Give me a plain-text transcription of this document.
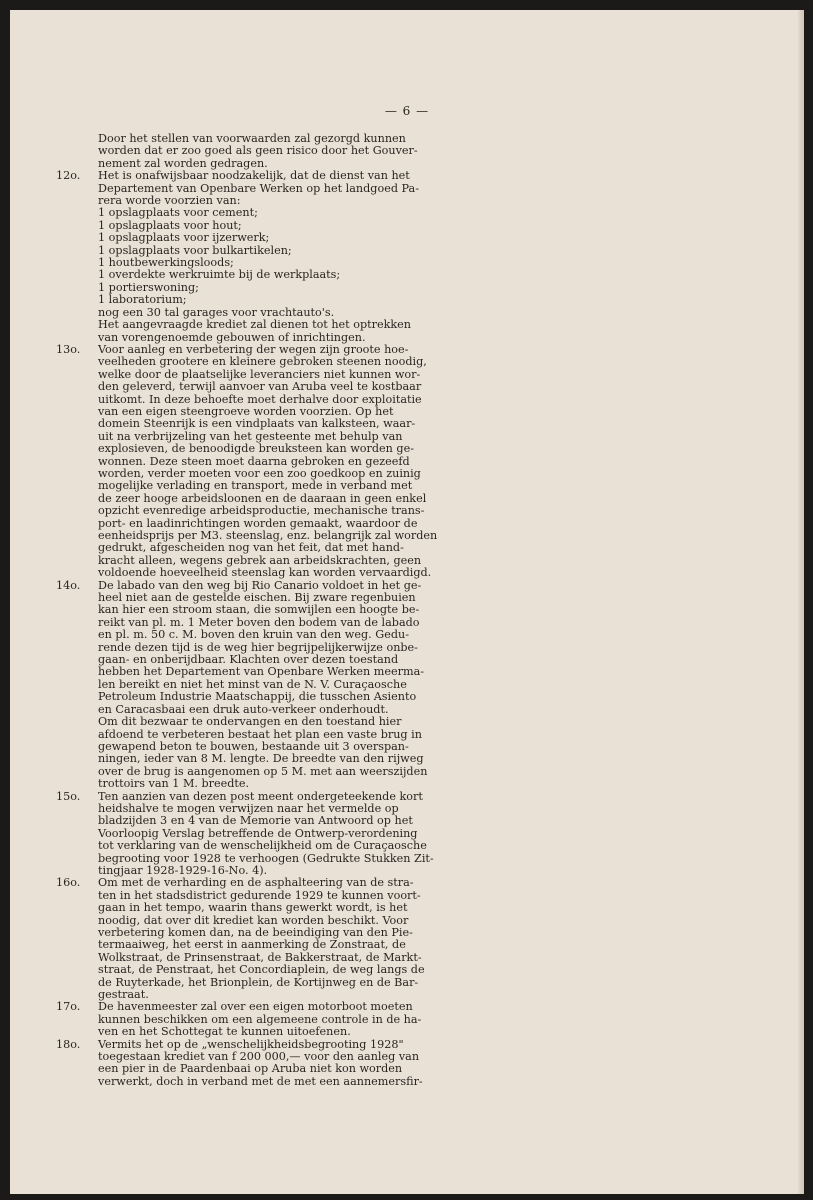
— 6 —
Door het stellen van voorwaarden zal gezorgd kunnen
worden dat er zoo goed als geen risico door het Gouver-
nement zal worden gedragen.
12o. Het is onafwijsbaar noodzakelijk, dat de dienst van het
Departement van Openbare Werken op het landgoed Pa-
rera worde voorzien van:
1 opslagplaats voor cement;
1 opslagplaats voor hout;
1 opslagplaats voor ijzerwerk;
1 opslagplaats voor bulkartikelen;
1 houtbewerkingsloods;
1 overdekte werkruimte bij de werkplaats;
1 portierswoning;
1 laboratorium;
nog een 30 tal garages voor vrachtauto's.
Het aangevraagde krediet zal dienen tot het optrekken
van vorengenoemde gebouwen of inrichtingen.
13o. Voor aanleg en verbetering der wegen zijn groote hoe-
veelheden grootere en kleinere gebroken steenen noodig,
welke door de plaatselijke leveranciers niet kunnen wor-
den geleverd, terwijl aanvoer van Aruba veel te kostbaar
uitkomt. In deze behoefte moet derhalve door exploitatie
van een eigen steengroeve worden voorzien. Op het
domein Steenrijk is een vindplaats van kalksteen, waar-
uit na verbrijzeling van het gesteente met behulp van
explosieven, de benoodigde breuksteen kan worden ge-
wonnen. Deze steen moet daarna gebroken en gezeefd
worden, verder moeten voor een zoo goedkoop en zuinig
mogelijke verlading en transport, mede in verband met
de zeer hooge arbeidsloonen en de daaraan in geen enkel
opzicht evenredige arbeidsproductie, mechanische trans-
port- en laadinrichtingen worden gemaakt, waardoor de
eenheidsprijs per M3. steenslag, enz. belangrijk zal worden
gedrukt, afgescheiden nog van het feit, dat met hand-
kracht alleen, wegens gebrek aan arbeidskrachten, geen
voldoende hoeveelheid steenslag kan worden vervaardigd.
14o. De labado van den weg bij Rio Canario voldoet in het ge-
heel niet aan de gestelde eischen. Bij zware regenbuien
kan hier een stroom staan, die somwijlen een hoogte be-
reikt van pl. m. 1 Meter boven den bodem van de labado
en pl. m. 50 c. M. boven den kruin van den weg. Gedu-
rende dezen tijd is de weg hier begrijpelijkerwijze onbe-
gaan- en onberijdbaar. Klachten over dezen toestand
hebben het Departement van Openbare Werken meerma-
len bereikt en niet het minst van de N. V. Curaçaosche
Petroleum Industrie Maatschappij, die tusschen Asiento
en Caracasbaai een druk auto-verkeer onderhoudt.
Om dit bezwaar te ondervangen en den toestand hier
afdoend te verbeteren bestaat het plan een vaste brug in
gewapend beton te bouwen, bestaande uit 3 overspan-
ningen, ieder van 8 M. lengte. De breedte van den rijweg
over de brug is aangenomen op 5 M. met aan weerszijden
trottoirs van 1 M. breedte.
15o. Ten aanzien van dezen post meent ondergeteekende kort
heidshalve te mogen verwijzen naar het vermelde op
bladzijden 3 en 4 van de Memorie van Antwoord op het
Voorloopig Verslag betreffende de Ontwerp-verordening
tot verklaring van de wenschelijkheid om de Curaçaosche
begrooting voor 1928 te verhoogen (Gedrukte Stukken Zit-
tingjaar 1928-1929-16-No. 4).
16o. Om met de verharding en de asphalteering van de stra-
ten in het stadsdistrict gedurende 1929 te kunnen voort-
gaan in het tempo, waarin thans gewerkt wordt, is het
noodig, dat over dit krediet kan worden beschikt. Voor
verbetering komen dan, na de beeindiging van den Pie-
termaaiweg, het eerst in aanmerking de Zonstraat, de
Wolkstraat, de Prinsenstraat, de Bakkerstraat, de Markt-
straat, de Penstraat, het Concordiaplein, de weg langs de
de Ruyterkade, het Brionplein, de Kortijnweg en de Bar-
gestraat.
17o. De havenmeester zal over een eigen motorboot moeten
kunnen beschikken om een algemeene controle in de ha-
ven en het Schottegat te kunnen uitoefenen.
18o. Vermits het op de „wenschelijkheidsbegrooting 1928"
toegestaan krediet van f 200 000,— voor den aanleg van
een pier in de Paardenbaai op Aruba niet kon worden
verwerkt, doch in verband met de met een aannemersfir-
